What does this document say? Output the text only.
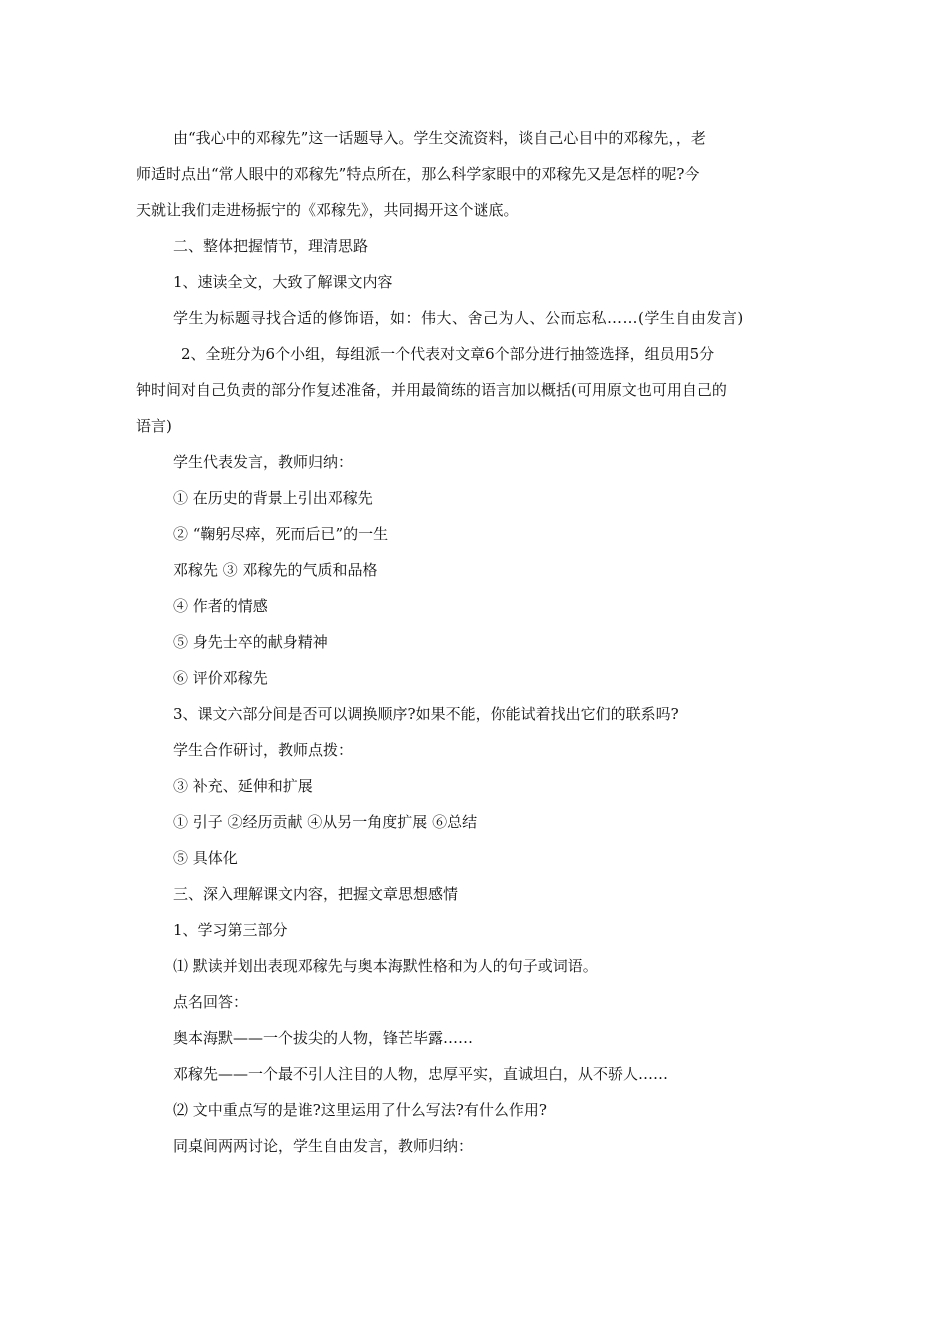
由“我心中的邓稼先”这一话题导入。学生交流资料，谈自己心目中的邓稼先，，老

师适时点出“常人眼中的邓稼先”特点所在，那么科学家眼中的邓稼先又是怎样的呢?今

天就让我们走进杨振宁的《邓稼先》，共同揭开这个谜底。

二、整体把握情节，理清思路

1、速读全文，大致了解课文内容

学生为标题寻找合适的修饰语，如：伟大、舍己为人、公而忘私……(学生自由发言)

2、全班分为6个小组，每组派一个代表对文章6个部分进行抽签选择，组员用5分

钟时间对自己负责的部分作复述准备，并用最简练的语言加以概括(可用原文也可用自己的

语言)

学生代表发言，教师归纳：

① 在历史的背景上引出邓稼先

② “鞠躬尽瘁，死而后已”的一生

邓稼先 ③ 邓稼先的气质和品格

④ 作者的情感

⑤ 身先士卒的献身精神

⑥ 评价邓稼先

3、课文六部分间是否可以调换顺序?如果不能，你能试着找出它们的联系吗?

学生合作研讨，教师点拨：

③ 补充、延伸和扩展

① 引子 ②经历贡献 ④从另一角度扩展 ⑥总结

⑤ 具体化

三、深入理解课文内容，把握文章思想感情

1、学习第三部分

⑴ 默读并划出表现邓稼先与奥本海默性格和为人的句子或词语。

点名回答：

奥本海默——一个拔尖的人物，锋芒毕露……

邓稼先——一个最不引人注目的人物，忠厚平实，直诚坦白，从不骄人……

⑵ 文中重点写的是谁?这里运用了什么写法?有什么作用?

同桌间两两讨论，学生自由发言，教师归纳：
